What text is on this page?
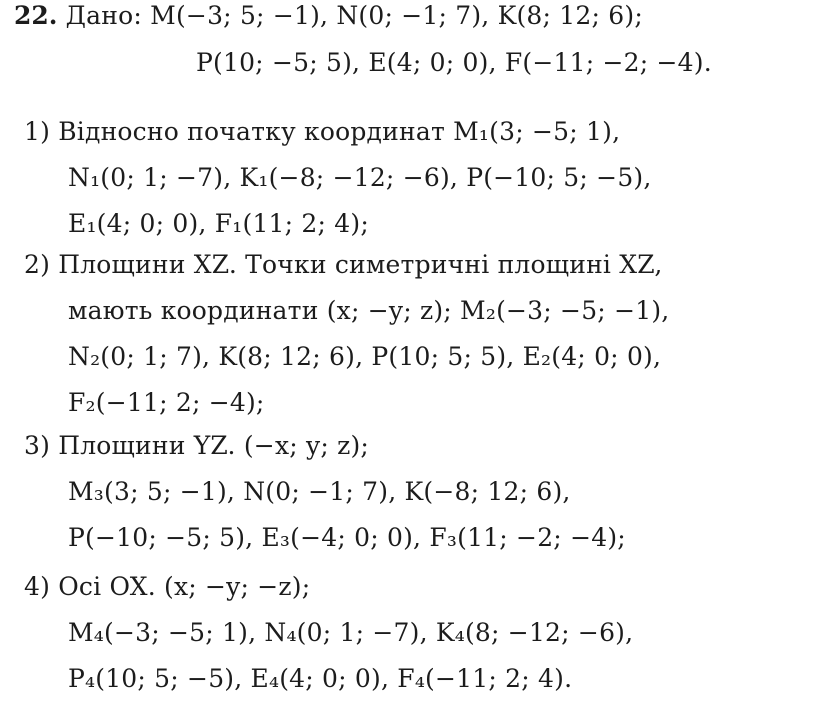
22. Дано: M(−3; 5; −1), N(0; −1; 7), K(8; 12; 6);
P(10; −5; 5), E(4; 0; 0), F(−11; −2; −4).
1) Відносно початку координат M₁(3; −5; 1),
N₁(0; 1; −7), K₁(−8; −12; −6), P(−10; 5; −5),
E₁(4; 0; 0), F₁(11; 2; 4);
2) Площини XZ. Точки симетричні площині XZ,
мають координати (x; −y; z); M₂(−3; −5; −1),
N₂(0; 1; 7), K(8; 12; 6), P(10; 5; 5), E₂(4; 0; 0),
F₂(−11; 2; −4);
3) Площини YZ. (−x; y; z);
M₃(3; 5; −1), N(0; −1; 7), K(−8; 12; 6),
P(−10; −5; 5), E₃(−4; 0; 0), F₃(11; −2; −4);
4) Осі OX. (x; −y; −z);
M₄(−3; −5; 1), N₄(0; 1; −7), K₄(8; −12; −6),
P₄(10; 5; −5), E₄(4; 0; 0), F₄(−11; 2; 4).
